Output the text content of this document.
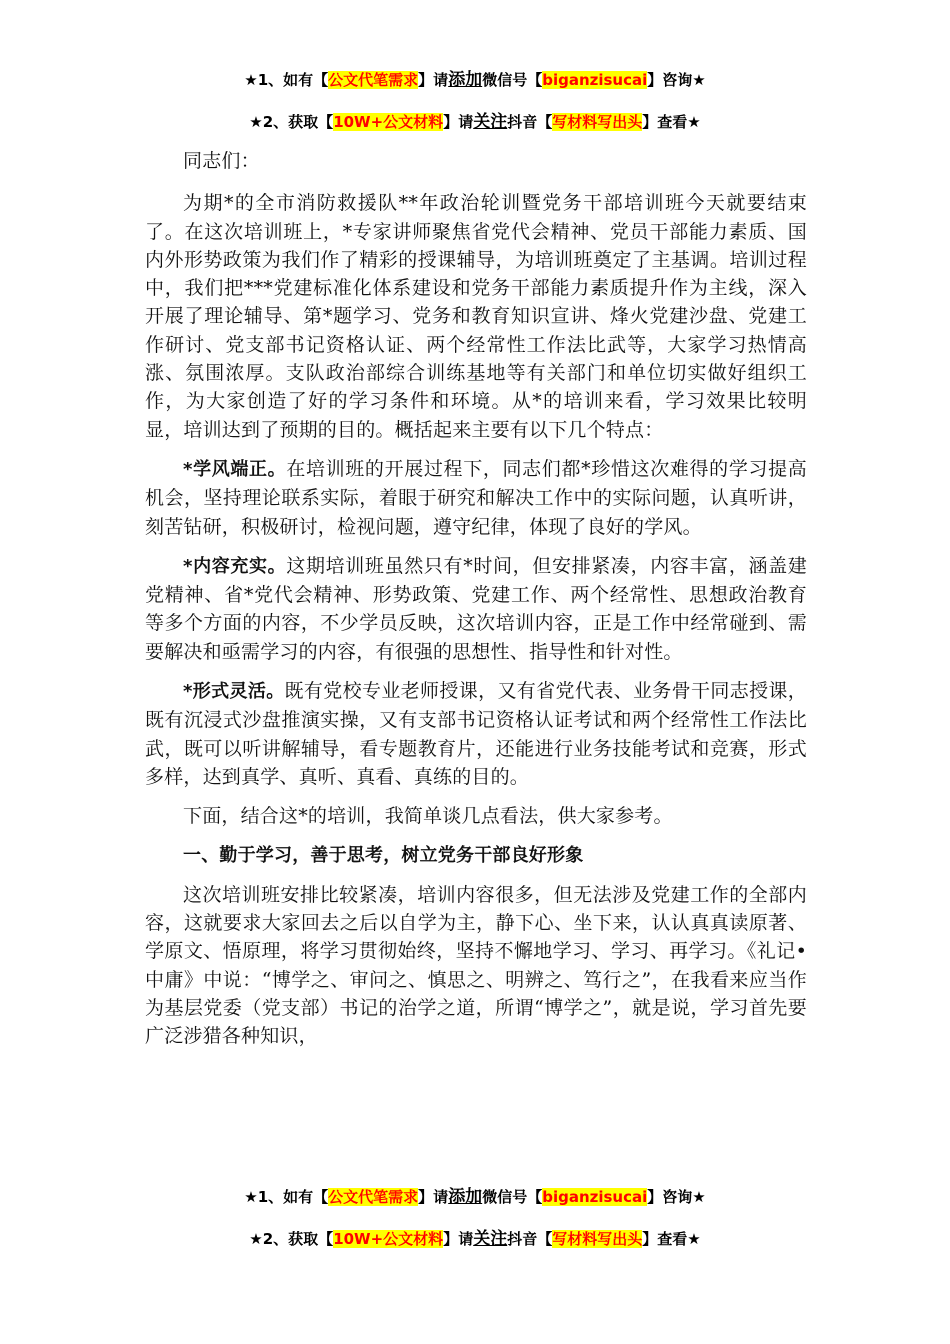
★1、如有【公文代笔需求】请添加微信号【biganzisucai】咨询★
★2、获取【10W+公文材料】请关注抖音【写材料写出头】查看★

同志们：

为期*的全市消防救援队**年政治轮训暨党务干部培训班今天就要结束了。在这次培训班上，*专家讲师聚焦省党代会精神、党员干部能力素质、国内外形势政策为我们作了精彩的授课辅导，为培训班奠定了主基调。培训过程中，我们把***党建标准化体系建设和党务干部能力素质提升作为主线，深入开展了理论辅导、第*题学习、党务和教育知识宣讲、烽火党建沙盘、党建工作研讨、党支部书记资格认证、两个经常性工作法比武等，大家学习热情高涨、氛围浓厚。支队政治部综合训练基地等有关部门和单位切实做好组织工作，为大家创造了好的学习条件和环境。从*的培训来看，学习效果比较明显，培训达到了预期的目的。概括起来主要有以下几个特点：

*学风端正。在培训班的开展过程下，同志们都*珍惜这次难得的学习提高机会，坚持理论联系实际，着眼于研究和解决工作中的实际问题，认真听讲，刻苦钻研，积极研讨，检视问题，遵守纪律，体现了良好的学风。

*内容充实。这期培训班虽然只有*时间，但安排紧凑，内容丰富，涵盖建党精神、省*党代会精神、形势政策、党建工作、两个经常性、思想政治教育等多个方面的内容，不少学员反映，这次培训内容，正是工作中经常碰到、需要解决和亟需学习的内容，有很强的思想性、指导性和针对性。

*形式灵活。既有党校专业老师授课，又有省党代表、业务骨干同志授课，既有沉浸式沙盘推演实操，又有支部书记资格认证考试和两个经常性工作法比武，既可以听讲解辅导，看专题教育片，还能进行业务技能考试和竞赛，形式多样，达到真学、真听、真看、真练的目的。

下面，结合这*的培训，我简单谈几点看法，供大家参考。

一、勤于学习，善于思考，树立党务干部良好形象

这次培训班安排比较紧凑，培训内容很多，但无法涉及党建工作的全部内容，这就要求大家回去之后以自学为主，静下心、坐下来，认认真真读原著、学原文、悟原理，将学习贯彻始终，坚持不懈地学习、学习、再学习。《礼记•中庸》中说：“博学之、审问之、慎思之、明辨之、笃行之”，在我看来应当作为基层党委（党支部）书记的治学之道，所谓“博学之”，就是说，学习首先要广泛涉猎各种知识，

★1、如有【公文代笔需求】请添加微信号【biganzisucai】咨询★
★2、获取【10W+公文材料】请关注抖音【写材料写出头】查看★
